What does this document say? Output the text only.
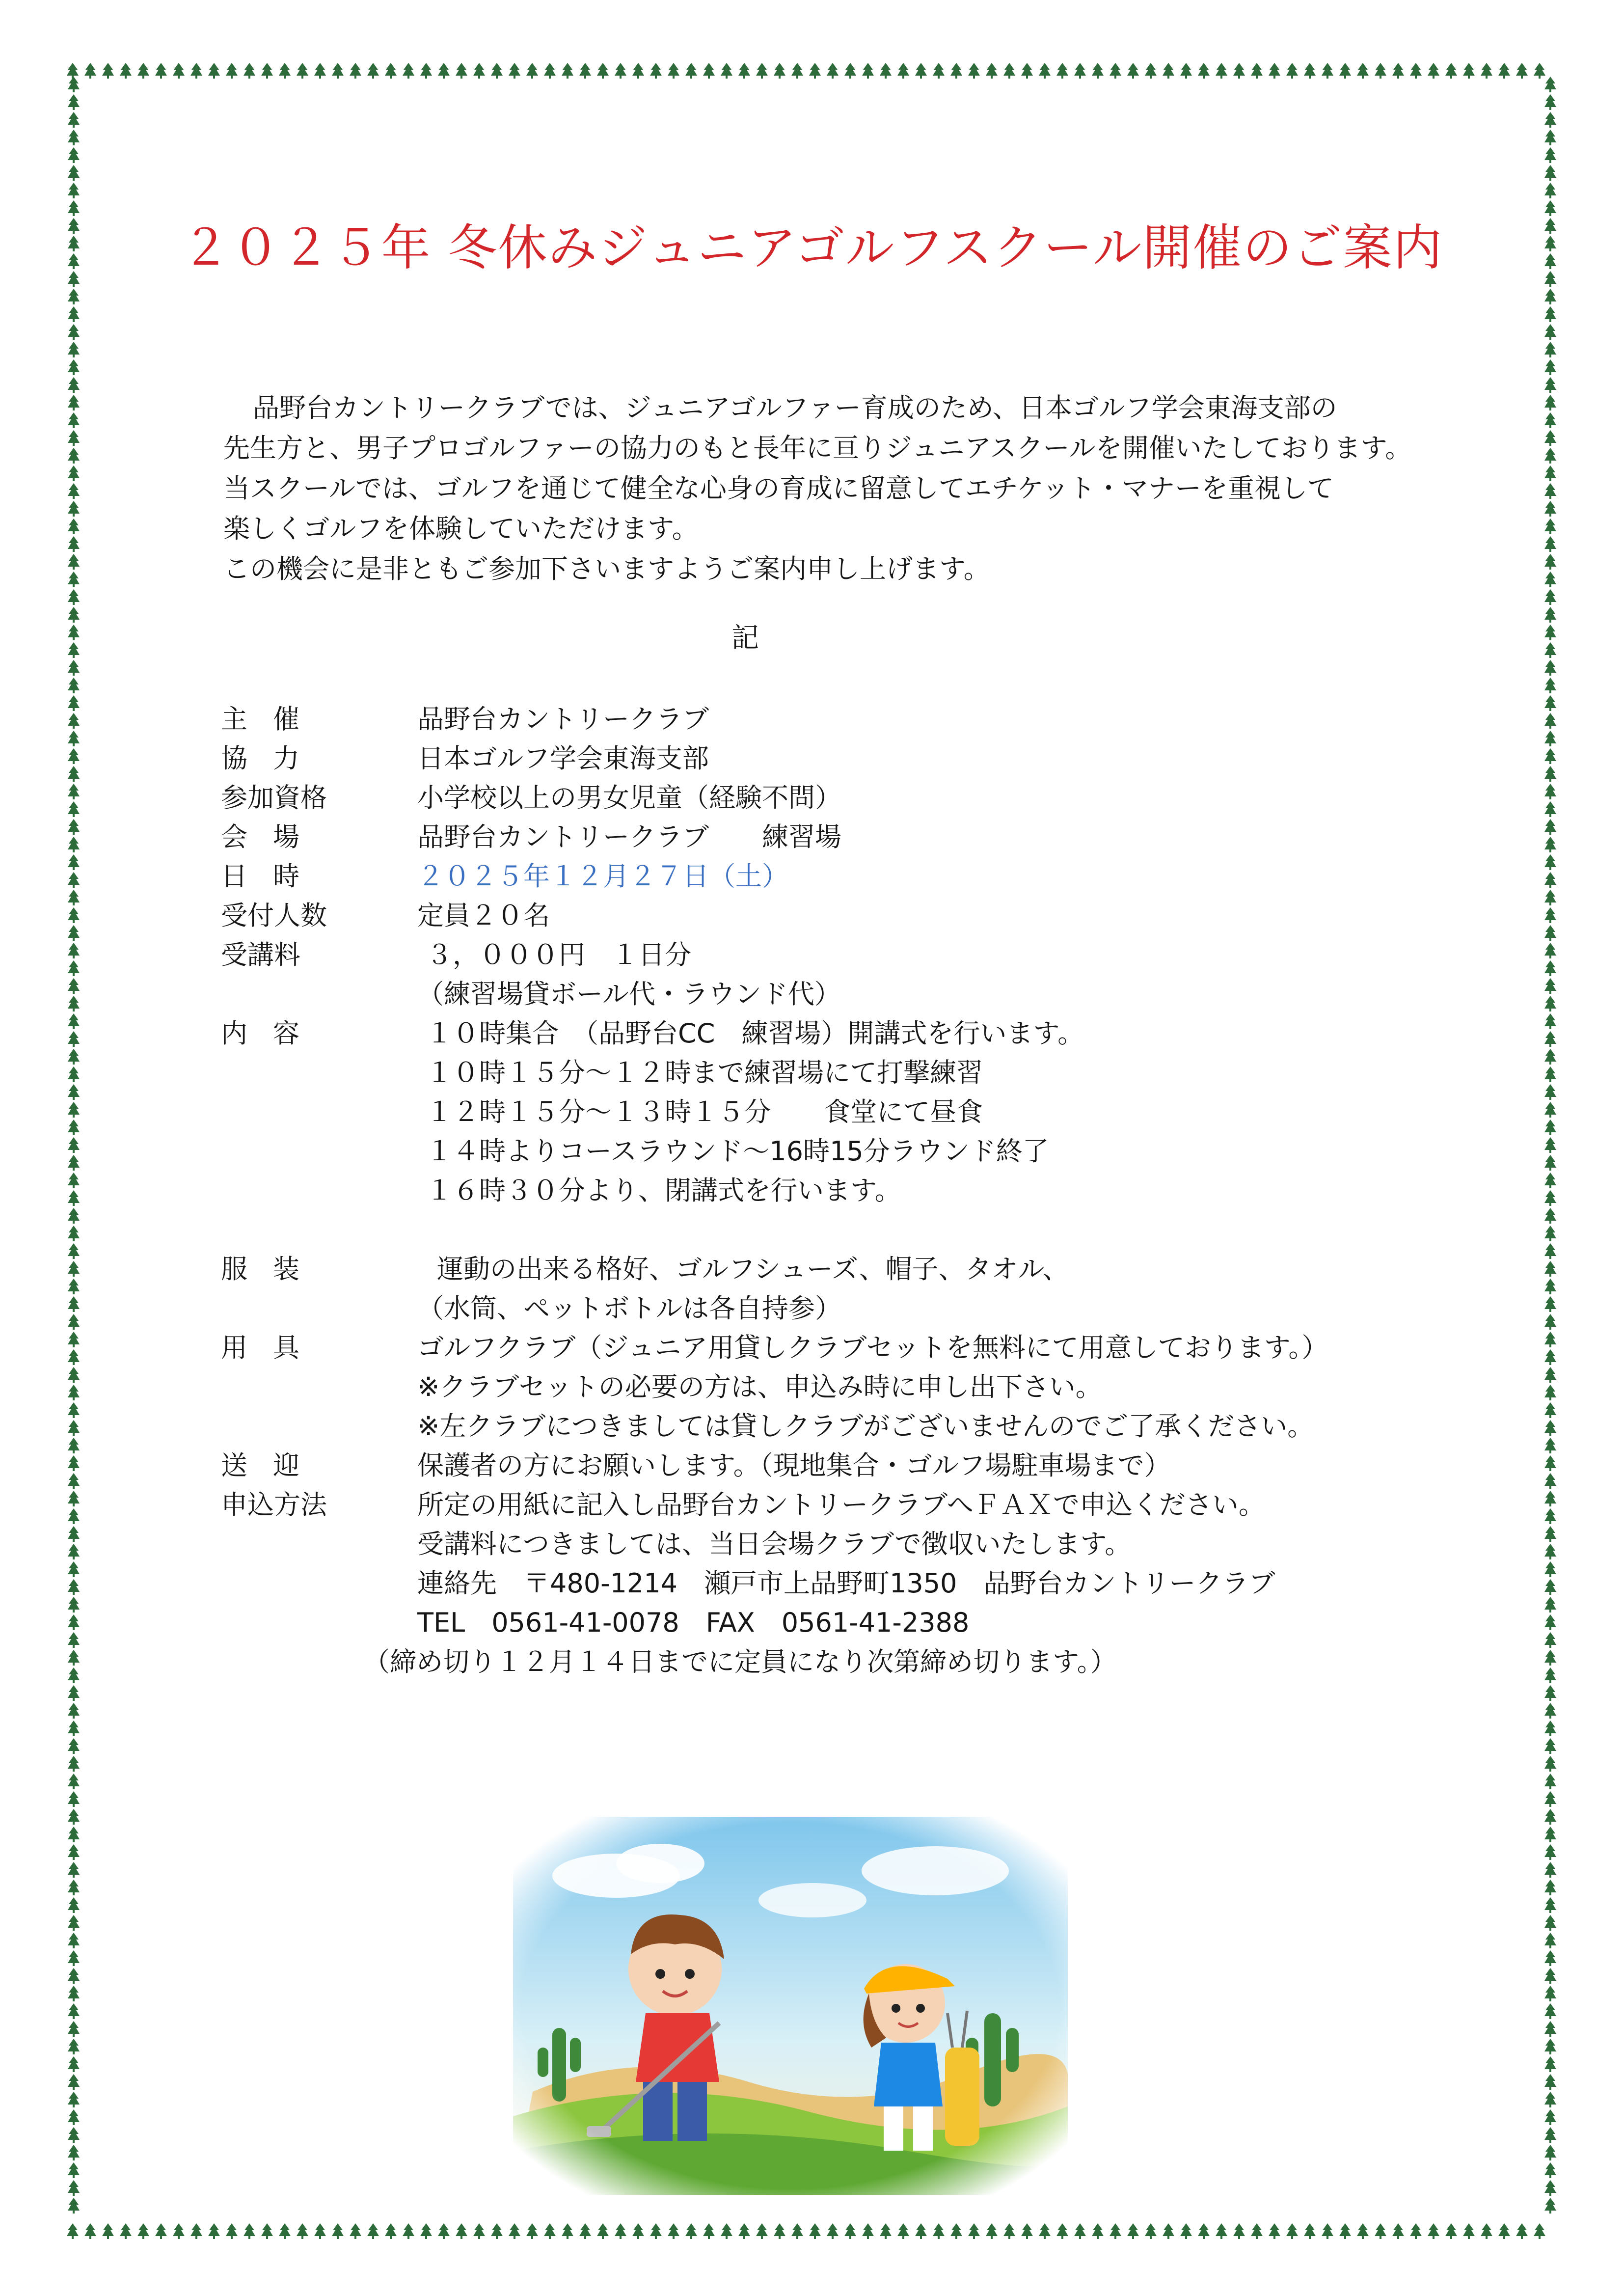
２０２５年 冬休みジュニアゴルフスクール開催のご案内
品野台カントリークラブでは、ジュニアゴルファー育成のため、日本ゴルフ学会東海支部の
先生方と、男子プロゴルファーの協力のもと長年に亘りジュニアスクールを開催いたしております。
当スクールでは、ゴルフを通じて健全な心身の育成に留意してエチケット・マナーを重視して
楽しくゴルフを体験していただけます。
この機会に是非ともご参加下さいますようご案内申し上げます。
記
主催	品野台カントリークラブ
協力	日本ゴルフ学会東海支部
参加資格	小学校以上の男女児童（経験不問）
会場	品野台カントリークラブ　　練習場
日時	２０２５年１２月２７日（土）
受付人数	定員２０名
受講料	３，０００円　１日分
（練習場貸ボール代・ラウンド代）
内容	１０時集合　（品野台CC　練習場）開講式を行います。
１０時１５分～１２時まで練習場にて打撃練習
１２時１５分～１３時１５分　　食堂にて昼食
１４時よりコースラウンド～16時15分ラウンド終了
１６時３０分より、閉講式を行います。
服装	運動の出来る格好、ゴルフシューズ、帽子、タオル、
（水筒、ペットボトルは各自持参）
用具	ゴルフクラブ（ジュニア用貸しクラブセットを無料にて用意しております。）
※クラブセットの必要の方は、申込み時に申し出下さい。
※左クラブにつきましては貸しクラブがございませんのでご了承ください。
送迎	保護者の方にお願いします。（現地集合・ゴルフ場駐車場まで）
申込方法	所定の用紙に記入し品野台カントリークラブへＦＡＸで申込ください。
受講料につきましては、当日会場クラブで徴収いたします。
連絡先　〒480-1214　瀬戸市上品野町1350　品野台カントリークラブ
TEL　0561-41-0078　FAX　0561-41-2388
（締め切り１２月１４日までに定員になり次第締め切ります。）
